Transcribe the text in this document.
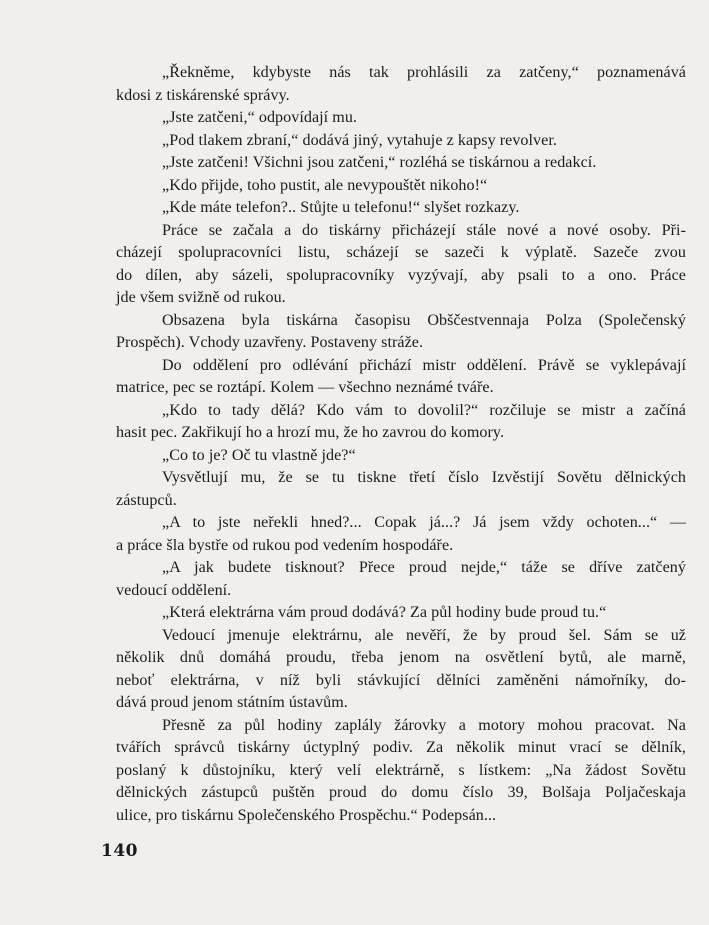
„Řekněme, kdybyste nás tak prohlásili za zatčeny,“ poznamenává
kdosi z tiskárenské správy.
„Jste zatčeni,“ odpovídají mu.
„Pod tlakem zbraní,“ dodává jiný, vytahuje z kapsy revolver.
„Jste zatčeni! Všichni jsou zatčeni,“ rozléhá se tiskárnou a redakcí.
„Kdo přijde, toho pustit, ale nevypouštět nikoho!“
„Kde máte telefon?.. Stůjte u telefonu!“ slyšet rozkazy.
Práce se začala a do tiskárny přicházejí stále nové a nové osoby. Při-
cházejí spolupracovníci listu, scházejí se sazeči k výplatě. Sazeče zvou
do dílen, aby sázeli, spolupracovníky vyzývají, aby psali to a ono. Práce
jde všem svižně od rukou.
Obsazena byla tiskárna časopisu Obščestvennaja Polza (Společenský
Prospěch). Vchody uzavřeny. Postaveny stráže.
Do oddělení pro odlévání přichází mistr oddělení. Právě se vyklepávají
matrice, pec se roztápí. Kolem — všechno neznámé tváře.
„Kdo to tady dělá? Kdo vám to dovolil?“ rozčiluje se mistr a začíná
hasit pec. Zakřikují ho a hrozí mu, že ho zavrou do komory.
„Co to je? Oč tu vlastně jde?“
Vysvětlují mu, že se tu tiskne třetí číslo Izvěstijí Sovětu dělnických
zástupců.
„A to jste neřekli hned?... Copak já...? Já jsem vždy ochoten...“ —
a práce šla bystře od rukou pod vedením hospodáře.
„A jak budete tisknout? Přece proud nejde,“ táže se dříve zatčený
vedoucí oddělení.
„Která elektrárna vám proud dodává? Za půl hodiny bude proud tu.“
Vedoucí jmenuje elektrárnu, ale nevěří, že by proud šel. Sám se už
několik dnů domáhá proudu, třeba jenom na osvětlení bytů, ale marně,
neboť elektrárna, v níž byli stávkující dělníci zaměněni námořníky, do-
dává proud jenom státním ústavům.
Přesně za půl hodiny zaplály žárovky a motory mohou pracovat. Na
tvářích správců tiskárny úctyplný podiv. Za několik minut vrací se dělník,
poslaný k důstojníku, který velí elektrárně, s lístkem: „Na žádost Sovětu
dělnických zástupců puštěn proud do domu číslo 39, Bolšaja Poljačeskaja
ulice, pro tiskárnu Společenského Prospěchu.“ Podepsán...
140
